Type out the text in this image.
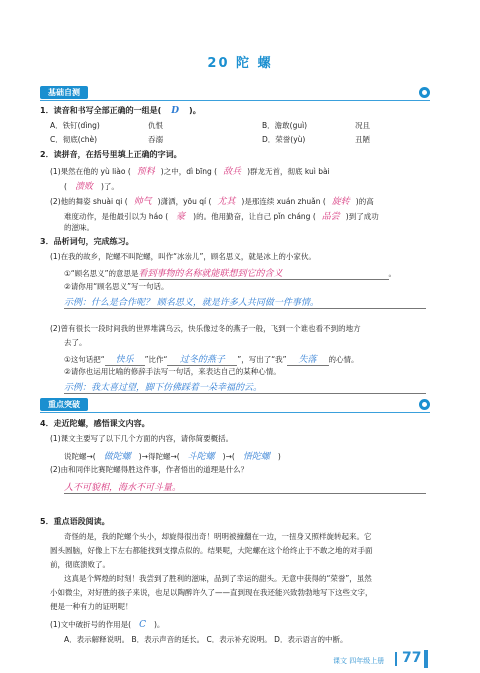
20 陀 螺
基础自测
1．读音和书写全部正确的一组是( D )。
A．铁钉(dìng)	仇恨	B．澹敢(guì)	况且
C．彻底(chè)	吞溺	D．荣誉(yù)	丑陋
2．读拼音，在括号里填上正确的字词。
(1)果然在他的 yù liào ( 预料 )之中，dì bīng ( 敌兵 )群龙无首，彻底 kuì bài
( 溃败 )了。
(2)他的舞姿 shuài qi ( 帅气 )潇洒，yōu qí ( 尤其 )是那连续 xuán zhuǎn ( 旋转 )的高
难度动作，是他最引以为 háo ( 豪 )的。他用勤奋，让自己 pǐn cháng ( 品尝 )到了成功
的滋味。
3．品析词句，完成练习。
(1)在我的故乡，陀螺不叫陀螺，叫作“冰尜儿”，顾名思义，就是冰上的小家伙。
①“顾名思义”的意思是看到事物的名称就能联想到它的含义	。
②请你用“顾名思义”写一句话。
示例：什么是合作呢？ 顾名思义，就是许多人共同做一件事情。
(2)曾有很长一段时间我的世界堆满乌云，快乐像过冬的燕子一般，飞到一个谁也看不到的地方
去了。
①这句话把“ 快乐 ”比作“ 过冬的燕子 ”，写出了“我” 失落 的心情。
②请你也运用比喻的修辞手法写一句话，来表达自己的某种心情。
示例：我太喜过望，脚下仿佛踩着一朵幸福的云。
重点突破
4．走近陀螺，感悟课文内容。
(1)课文主要写了以下几个方面的内容，请你简要概括。
说陀螺→( 做陀螺 )→得陀螺→( 斗陀螺 )→( 悟陀螺 )
(2)由和同伴比赛陀螺得胜这件事，作者悟出的道理是什么？
人不可貌相，海水不可斗量。
5．重点语段阅读。
奇怪的是，我的陀螺个头小，却旋得很出奇！明明被撞翻在一边，一扭身又照样旋转起来。它
圆头圆脑，好像上下左右都能找到支撑点似的。结果呢，大陀螺在这个给终止于不敢之地的对手面
前，彻底溃败了。
这真是个辉煌的时刻！我尝到了胜利的滋味，品到了幸运的甜头。无意中获得的“荣誉”，虽然
小如微尘，对好胜的孩子来说，也足以陶醉许久了——直到现在我还能兴致勃勃地写下这些文字，
便是一种有力的证明呢！
(1)文中破折号的作用是( C )。
A．表示解释说明。 B．表示声音的延长。 C．表示补充说明。 D．表示语言的中断。
课文 四年级上册 77
